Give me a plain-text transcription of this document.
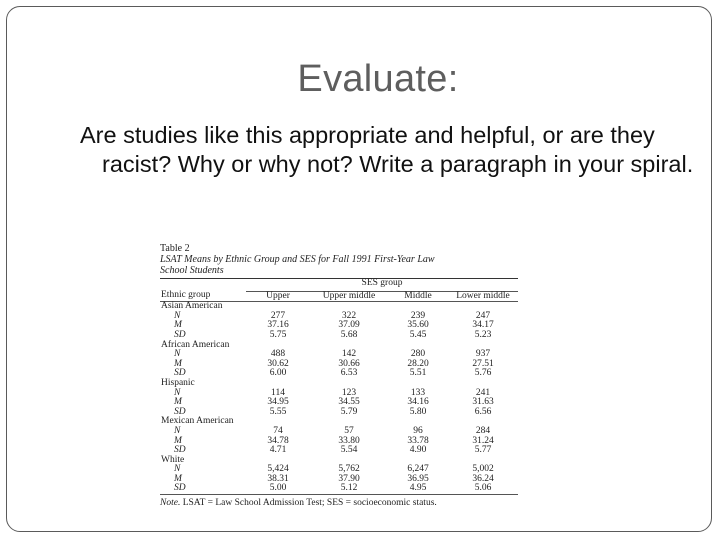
Evaluate:
Are studies like this appropriate and helpful, or are they racist? Why or why not? Write a paragraph in your spiral.
Table 2
LSAT Means by Ethnic Group and SES for Fall 1991 First-Year Law
School Students
	SES group			
Ethnic group	Upper	Upper middle	Middle	Lower middle
Asian American				
N	277	322	239	247
M	37.16	37.09	35.60	34.17
SD	5.75	5.68	5.45	5.23
African American				
N	488	142	280	937
M	30.62	30.66	28.20	27.51
SD	6.00	6.53	5.51	5.76
Hispanic				
N	114	123	133	241
M	34.95	34.55	34.16	31.63
SD	5.55	5.79	5.80	6.56
Mexican American				
N	74	57	96	284
M	34.78	33.80	33.78	31.24
SD	4.71	5.54	4.90	5.77
White				
N	5,424	5,762	6,247	5,002
M	38.31	37.90	36.95	36.24
SD	5.00	5.12	4.95	5.06
Note. LSAT = Law School Admission Test; SES = socioeconomic status.
